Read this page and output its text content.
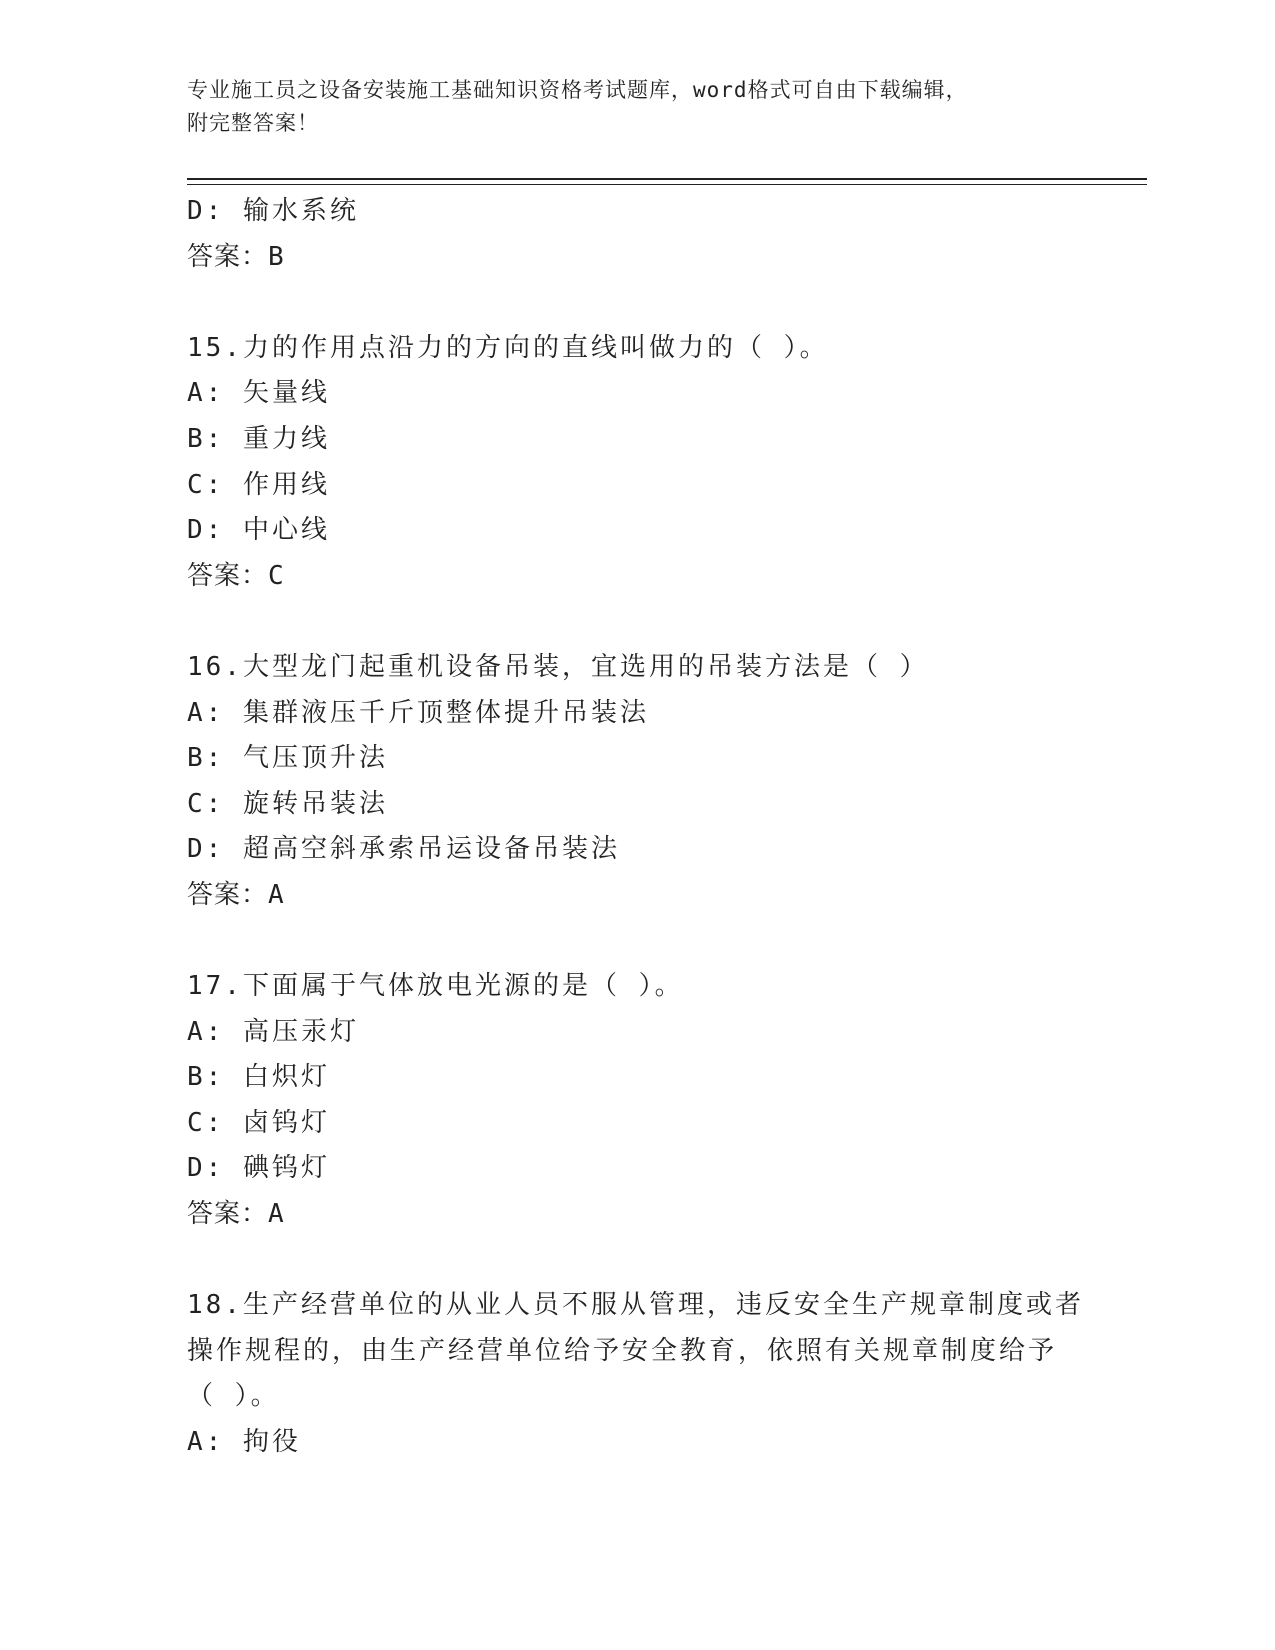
专业施工员之设备安装施工基础知识资格考试题库，word格式可自由下载编辑，
附完整答案！
D: 输水系统
答案：B
15.力的作用点沿力的方向的直线叫做力的（ ）。
A: 矢量线
B: 重力线
C: 作用线
D: 中心线
答案：C
16.大型龙门起重机设备吊装，宜选用的吊装方法是（ ）
A: 集群液压千斤顶整体提升吊装法
B: 气压顶升法
C: 旋转吊装法
D: 超高空斜承索吊运设备吊装法
答案：A
17.下面属于气体放电光源的是（ ）。
A: 高压汞灯
B: 白炽灯
C: 卤钨灯
D: 碘钨灯
答案：A
18.生产经营单位的从业人员不服从管理，违反安全生产规章制度或者
操作规程的，由生产经营单位给予安全教育，依照有关规章制度给予
（ ）。
A: 拘役
